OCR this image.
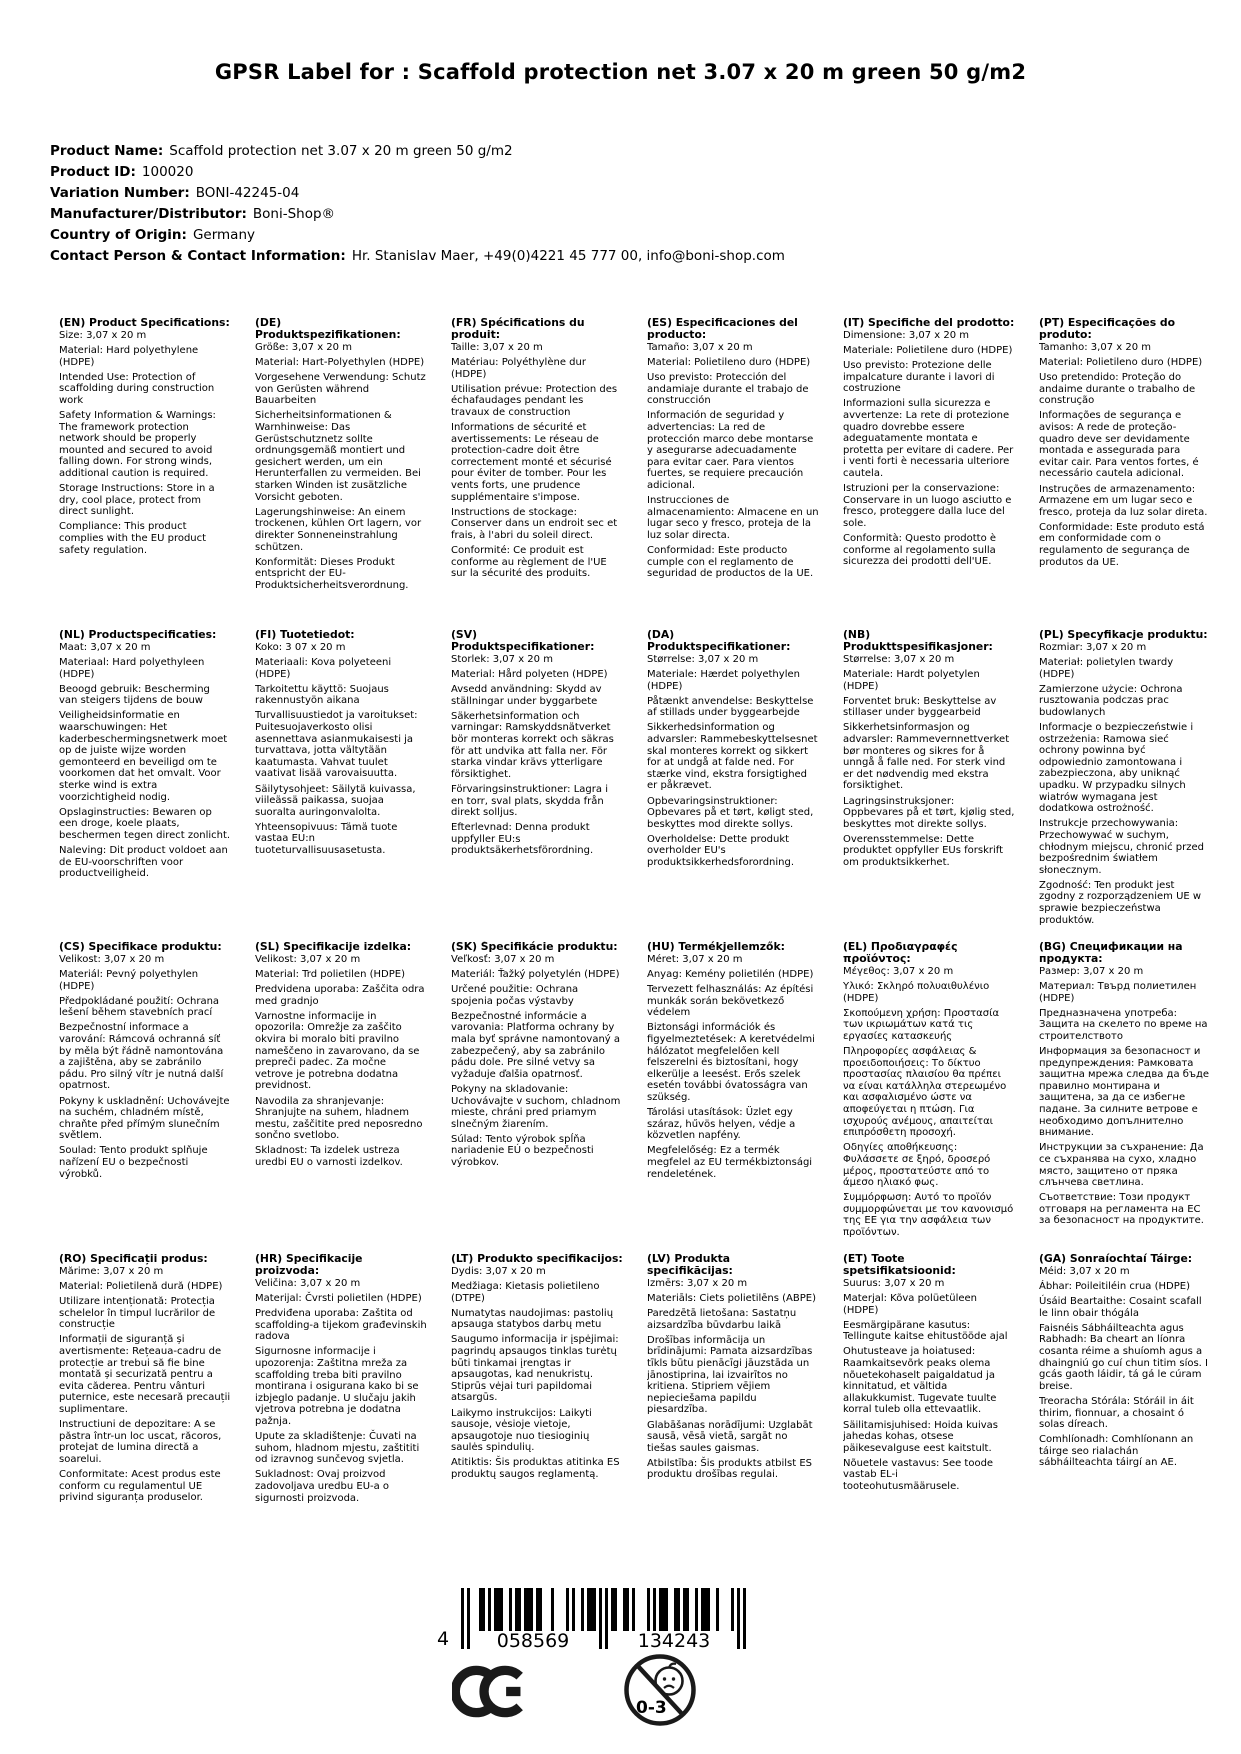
GPSR Label for : Scaffold protection net 3.07 x 20 m green 50 g/m2
Product Name: Scaffold protection net 3.07 x 20 m green 50 g/m2
Product ID: 100020
Variation Number: BONI-42245-04
Manufacturer/Distributor: Boni-Shop®
Country of Origin: Germany
Contact Person & Contact Information: Hr. Stanislav Maer, +49(0)4221 45 777 00, info@boni-shop.com
(EN) Product Specifications:
Size: 3,07 x 20 m
Material: Hard polyethylene (HDPE)
Intended Use: Protection of scaffolding during construction work
Safety Information & Warnings: The framework protection network should be properly mounted and secured to avoid falling down. For strong winds, additional caution is required.
Storage Instructions: Store in a dry, cool place, protect from direct sunlight.
Compliance: This product complies with the EU product safety regulation.
(DE) Produktspezifikationen:
Größe: 3,07 x 20 m
Material: Hart-Polyethylen (HDPE)
Vorgesehene Verwendung: Schutz von Gerüsten während Bauarbeiten
Sicherheitsinformationen & Warnhinweise: Das Gerüstschutznetz sollte ordnungsgemäß montiert und gesichert werden, um ein Herunterfallen zu vermeiden. Bei starken Winden ist zusätzliche Vorsicht geboten.
Lagerungshinweise: An einem trockenen, kühlen Ort lagern, vor direkter Sonneneinstrahlung schützen.
Konformität: Dieses Produkt entspricht der EU-Produktsicherheitsverordnung.
(FR) Spécifications du produit:
Taille: 3,07 x 20 m
Matériau: Polyéthylène dur (HDPE)
Utilisation prévue: Protection des échafaudages pendant les travaux de construction
Informations de sécurité et avertissements: Le réseau de protection-cadre doit être correctement monté et sécurisé pour éviter de tomber. Pour les vents forts, une prudence supplémentaire s'impose.
Instructions de stockage: Conserver dans un endroit sec et frais, à l'abri du soleil direct.
Conformité: Ce produit est conforme au règlement de l'UE sur la sécurité des produits.
(ES) Especificaciones del producto:
Tamaño: 3,07 x 20 m
Material: Polietileno duro (HDPE)
Uso previsto: Protección del andamiaje durante el trabajo de construcción
Información de seguridad y advertencias: La red de protección marco debe montarse y asegurarse adecuadamente para evitar caer. Para vientos fuertes, se requiere precaución adicional.
Instrucciones de almacenamiento: Almacene en un lugar seco y fresco, proteja de la luz solar directa.
Conformidad: Este producto cumple con el reglamento de seguridad de productos de la UE.
(IT) Specifiche del prodotto:
Dimensione: 3,07 x 20 m
Materiale: Polietilene duro (HDPE)
Uso previsto: Protezione delle impalcature durante i lavori di costruzione
Informazioni sulla sicurezza e avvertenze: La rete di protezione quadro dovrebbe essere adeguatamente montata e protetta per evitare di cadere. Per i venti forti è necessaria ulteriore cautela.
Istruzioni per la conservazione: Conservare in un luogo asciutto e fresco, proteggere dalla luce del sole.
Conformità: Questo prodotto è conforme al regolamento sulla sicurezza dei prodotti dell'UE.
(PT) Especificações do produto:
Tamanho: 3,07 x 20 m
Material: Polietileno duro (HDPE)
Uso pretendido: Proteção do andaime durante o trabalho de construção
Informações de segurança e avisos: A rede de proteção-quadro deve ser devidamente montada e assegurada para evitar cair. Para ventos fortes, é necessário cautela adicional.
Instruções de armazenamento: Armazene em um lugar seco e fresco, proteja da luz solar direta.
Conformidade: Este produto está em conformidade com o regulamento de segurança de produtos da UE.
(NL) Productspecificaties:
Maat: 3,07 x 20 m
Materiaal: Hard polyethyleen (HDPE)
Beoogd gebruik: Bescherming van steigers tijdens de bouw
Veiligheidsinformatie en waarschuwingen: Het kaderbeschermingsnetwerk moet op de juiste wijze worden gemonteerd en beveiligd om te voorkomen dat het omvalt. Voor sterke wind is extra voorzichtigheid nodig.
Opslaginstructies: Bewaren op een droge, koele plaats, beschermen tegen direct zonlicht.
Naleving: Dit product voldoet aan de EU-voorschriften voor productveiligheid.
(FI) Tuotetiedot:
Koko: 3 07 x 20 m
Materiaali: Kova polyeteeni (HDPE)
Tarkoitettu käyttö: Suojaus rakennustyön aikana
Turvallisuustiedot ja varoitukset: Puitesuojaverkosto olisi asennettava asianmukaisesti ja turvattava, jotta vältytään kaatumasta. Vahvat tuulet vaativat lisää varovaisuutta.
Säilytysohjeet: Säilytä kuivassa, viileässä paikassa, suojaa suoralta auringonvalolta.
Yhteensopivuus: Tämä tuote vastaa EU:n tuoteturvallisuusasetusta.
(SV) Produktspecifikationer:
Storlek: 3,07 x 20 m
Material: Hård polyeten (HDPE)
Avsedd användning: Skydd av ställningar under byggarbete
Säkerhetsinformation och varningar: Ramskyddsnätverket bör monteras korrekt och säkras för att undvika att falla ner. För starka vindar krävs ytterligare försiktighet.
Förvaringsinstruktioner: Lagra i en torr, sval plats, skydda från direkt solljus.
Efterlevnad: Denna produkt uppfyller EU:s produktsäkerhetsförordning.
(DA) Produktspecifikationer:
Størrelse: 3,07 x 20 m
Materiale: Hærdet polyethylen (HDPE)
Påtænkt anvendelse: Beskyttelse af stillads under byggearbejde
Sikkerhedsinformation og advarsler: Rammebeskyttelsesnet skal monteres korrekt og sikkert for at undgå at falde ned. For stærke vind, ekstra forsigtighed er påkrævet.
Opbevaringsinstruktioner: Opbevares på et tørt, køligt sted, beskyttes mod direkte sollys.
Overholdelse: Dette produkt overholder EU's produktsikkerhedsforordning.
(NB) Produkttspesifikasjoner:
Størrelse: 3,07 x 20 m
Materiale: Hardt polyetylen (HDPE)
Forventet bruk: Beskyttelse av stillaser under byggearbeid
Sikkerhetsinformasjon og advarsler: Rammevernnettverket bør monteres og sikres for å unngå å falle ned. For sterk vind er det nødvendig med ekstra forsiktighet.
Lagringsinstruksjoner: Oppbevares på et tørt, kjølig sted, beskyttes mot direkte sollys.
Overensstemmelse: Dette produktet oppfyller EUs forskrift om produktsikkerhet.
(PL) Specyfikacje produktu:
Rozmiar: 3,07 x 20 m
Materiał: polietylen twardy (HDPE)
Zamierzone użycie: Ochrona rusztowania podczas prac budowlanych
Informacje o bezpieczeństwie i ostrzeżenia: Ramowa sieć ochrony powinna być odpowiednio zamontowana i zabezpieczona, aby uniknąć upadku. W przypadku silnych wiatrów wymagana jest dodatkowa ostrożność.
Instrukcje przechowywania: Przechowywać w suchym, chłodnym miejscu, chronić przed bezpośrednim światłem słonecznym.
Zgodność: Ten produkt jest zgodny z rozporządzeniem UE w sprawie bezpieczeństwa produktów.
(CS) Specifikace produktu:
Velikost: 3,07 x 20 m
Materiál: Pevný polyethylen (HDPE)
Předpokládané použití: Ochrana lešení během stavebních prací
Bezpečnostní informace a varování: Rámcová ochranná síť by měla být řádně namontována a zajištěna, aby se zabránilo pádu. Pro silný vítr je nutná další opatrnost.
Pokyny k uskladnění: Uchovávejte na suchém, chladném místě, chraňte před přímým slunečním světlem.
Soulad: Tento produkt splňuje nařízení EU o bezpečnosti výrobků.
(SL) Specifikacije izdelka:
Velikost: 3,07 x 20 m
Material: Trd polietilen (HDPE)
Predvidena uporaba: Zaščita odra med gradnjo
Varnostne informacije in opozorila: Omrežje za zaščito okvira bi moralo biti pravilno nameščeno in zavarovano, da se prepreči padec. Za močne vetrove je potrebna dodatna previdnost.
Navodila za shranjevanje: Shranjujte na suhem, hladnem mestu, zaščitite pred neposredno sončno svetlobo.
Skladnost: Ta izdelek ustreza uredbi EU o varnosti izdelkov.
(SK) Špecifikácie produktu:
Veľkosť: 3,07 x 20 m
Materiál: Ťažký polyetylén (HDPE)
Určené použitie: Ochrana spojenia počas výstavby
Bezpečnostné informácie a varovania: Platforma ochrany by mala byť správne namontovaný a zabezpečený, aby sa zabránilo pádu dole. Pre silné vetvy sa vyžaduje ďalšia opatrnosť.
Pokyny na skladovanie: Uchovávajte v suchom, chladnom mieste, chráni pred priamym slnečným žiarením.
Súlad: Tento výrobok spĺňa nariadenie EÚ o bezpečnosti výrobkov.
(HU) Termékjellemzők:
Méret: 3,07 x 20 m
Anyag: Kemény polietilén (HDPE)
Tervezett felhasználás: Az építési munkák során bekövetkező védelem
Biztonsági információk és figyelmeztetések: A keretvédelmi hálózatot megfelelően kell felszerelni és biztosítani, hogy elkerülje a leesést. Erős szelek esetén további óvatosságra van szükség.
Tárolási utasítások: Üzlet egy száraz, hűvös helyen, védje a közvetlen napfény.
Megfelelőség: Ez a termék megfelel az EU termékbiztonsági rendeletének.
(EL) Προδιαγραφές προϊόντος:
Μέγεθος: 3,07 x 20 m
Υλικό: Σκληρό πολυαιθυλένιο (HDPE)
Σκοπούμενη χρήση: Προστασία των ικριωμάτων κατά τις εργασίες κατασκευής
Πληροφορίες ασφάλειας & προειδοποιήσεις: Το δίκτυο προστασίας πλαισίου θα πρέπει να είναι κατάλληλα στερεωμένο και ασφαλισμένο ώστε να αποφεύγεται η πτώση. Για ισχυρούς ανέμους, απαιτείται επιπρόσθετη προσοχή.
Οδηγίες αποθήκευσης: Φυλάσσετε σε ξηρό, δροσερό μέρος, προστατεύστε από το άμεσο ηλιακό φως.
Συμμόρφωση: Αυτό το προϊόν συμμορφώνεται με τον κανονισμό της ΕΕ για την ασφάλεια των προϊόντων.
(BG) Спецификации на продукта:
Размер: 3,07 x 20 m
Материал: Твърд полиетилен (HDPE)
Предназначена употреба: Защита на скелето по време на строителството
Информация за безопасност и предупреждения: Рамковата защитна мрежа следва да бъде правилно монтирана и защитена, за да се избегне падане. За силните ветрове е необходимо допълнително внимание.
Инструкции за съхранение: Да се съхранява на сухо, хладно място, защитено от пряка слънчева светлина.
Съответствие: Този продукт отговаря на регламента на ЕС за безопасност на продуктите.
(RO) Specificații produs:
Mărime: 3,07 x 20 m
Material: Polietilenă dură (HDPE)
Utilizare intenționată: Protecția schelelor în timpul lucrărilor de construcție
Informații de siguranță și avertismente: Rețeaua-cadru de protecție ar trebui să fie bine montată și securizată pentru a evita căderea. Pentru vânturi puternice, este necesară precauții suplimentare.
Instructiuni de depozitare: A se păstra într-un loc uscat, răcoros, protejat de lumina directă a soarelui.
Conformitate: Acest produs este conform cu regulamentul UE privind siguranța produselor.
(HR) Specifikacije proizvoda:
Veličina: 3,07 x 20 m
Materijal: Čvrsti polietilen (HDPE)
Predviđena uporaba: Zaštita od scaffolding-a tijekom građevinskih radova
Sigurnosne informacije i upozorenja: Zaštitna mreža za scaffolding treba biti pravilno montirana i osigurana kako bi se izbjeglo padanje. U slučaju jakih vjetrova potrebna je dodatna pažnja.
Upute za skladištenje: Čuvati na suhom, hladnom mjestu, zaštititi od izravnog sunčevog svjetla.
Sukladnost: Ovaj proizvod zadovoljava uredbu EU-a o sigurnosti proizvoda.
(LT) Produkto specifikacijos:
Dydis: 3,07 x 20 m
Medžiaga: Kietasis polietileno (DTPE)
Numatytas naudojimas: pastolių apsauga statybos darbų metu
Saugumo informacija ir įspėjimai: pagrindų apsaugos tinklas turėtų būti tinkamai įrengtas ir apsaugotas, kad nenukristų. Stiprūs vėjai turi papildomai atsargūs.
Laikymo instrukcijos: Laikyti sausoje, vėsioje vietoje, apsaugotoje nuo tiesioginių saulės spindulių.
Atitiktis: Šis produktas atitinka ES produktų saugos reglamentą.
(LV) Produkta specifikācijas:
Izmērs: 3,07 x 20 m
Materiāls: Ciets polietilēns (ABPE)
Paredzētā lietošana: Sastatņu aizsardzība būvdarbu laikā
Drošības informācija un brīdinājumi: Pamata aizsardzības tīkls būtu pienācīgi jāuzstāda un jānostiprina, lai izvairītos no kritiena. Stipriem vējiem nepieciešama papildu piesardzība.
Glabāšanas norādījumi: Uzglabāt sausā, vēsā vietā, sargāt no tiešas saules gaismas.
Atbilstība: Šis produkts atbilst ES produktu drošības regulai.
(ET) Toote spetsifikatsioonid:
Suurus: 3,07 x 20 m
Materjal: Kõva polüetüleen (HDPE)
Eesmärgipärane kasutus: Tellingute kaitse ehitustööde ajal
Ohutusteave ja hoiatused: Raamkaitsevõrk peaks olema nõuetekohaselt paigaldatud ja kinnitatud, et vältida allakukkumist. Tugevate tuulte korral tuleb olla ettevaatlik.
Säilitamisjuhised: Hoida kuivas jahedas kohas, otsese päikesevalguse eest kaitstult.
Nõuetele vastavus: See toode vastab EL-i tooteohutusmäärusele.
(GA) Sonraíochtaí Táirge:
Méid: 3,07 x 20 m
Ábhar: Poileitiléin crua (HDPE)
Úsáid Beartaithe: Cosaint scafall le linn obair thógála
Faisnéis Sábháilteachta agus Rabhadh: Ba cheart an líonra cosanta réime a shuíomh agus a dhaingniú go cuí chun titim síos. I gcás gaoth láidir, tá gá le cúram breise.
Treoracha Stórála: Stóráil in áit thirim, fionnuar, a chosaint ó solas díreach.
Comhlíonadh: Comhlíonann an táirge seo rialachán sábháilteachta táirgí an AE.
4	058569	134243
0-3
